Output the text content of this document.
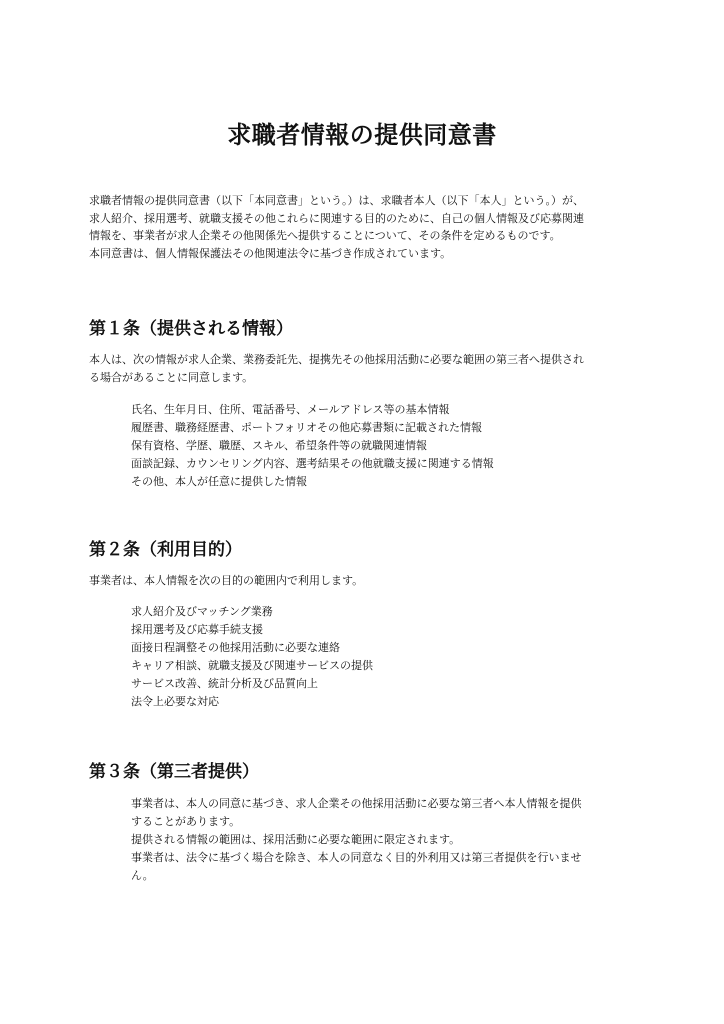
求職者情報の提供同意書
求職者情報の提供同意書（以下「本同意書」という。）は、求職者本人（以下「本人」という。）が、
求人紹介、採用選考、就職支援その他これらに関連する目的のために、自己の個人情報及び応募関連
情報を、事業者が求人企業その他関係先へ提供することについて、その条件を定めるものです。
本同意書は、個人情報保護法その他関連法令に基づき作成されています。
第１条（提供される情報）
本人は、次の情報が求人企業、業務委託先、提携先その他採用活動に必要な範囲の第三者へ提供され
る場合があることに同意します。
氏名、生年月日、住所、電話番号、メールアドレス等の基本情報
履歴書、職務経歴書、ポートフォリオその他応募書類に記載された情報
保有資格、学歴、職歴、スキル、希望条件等の就職関連情報
面談記録、カウンセリング内容、選考結果その他就職支援に関連する情報
その他、本人が任意に提供した情報
第２条（利用目的）
事業者は、本人情報を次の目的の範囲内で利用します。
求人紹介及びマッチング業務
採用選考及び応募手続支援
面接日程調整その他採用活動に必要な連絡
キャリア相談、就職支援及び関連サービスの提供
サービス改善、統計分析及び品質向上
法令上必要な対応
第３条（第三者提供）
事業者は、本人の同意に基づき、求人企業その他採用活動に必要な第三者へ本人情報を提供
することがあります。
提供される情報の範囲は、採用活動に必要な範囲に限定されます。
事業者は、法令に基づく場合を除き、本人の同意なく目的外利用又は第三者提供を行いませ
ん。
